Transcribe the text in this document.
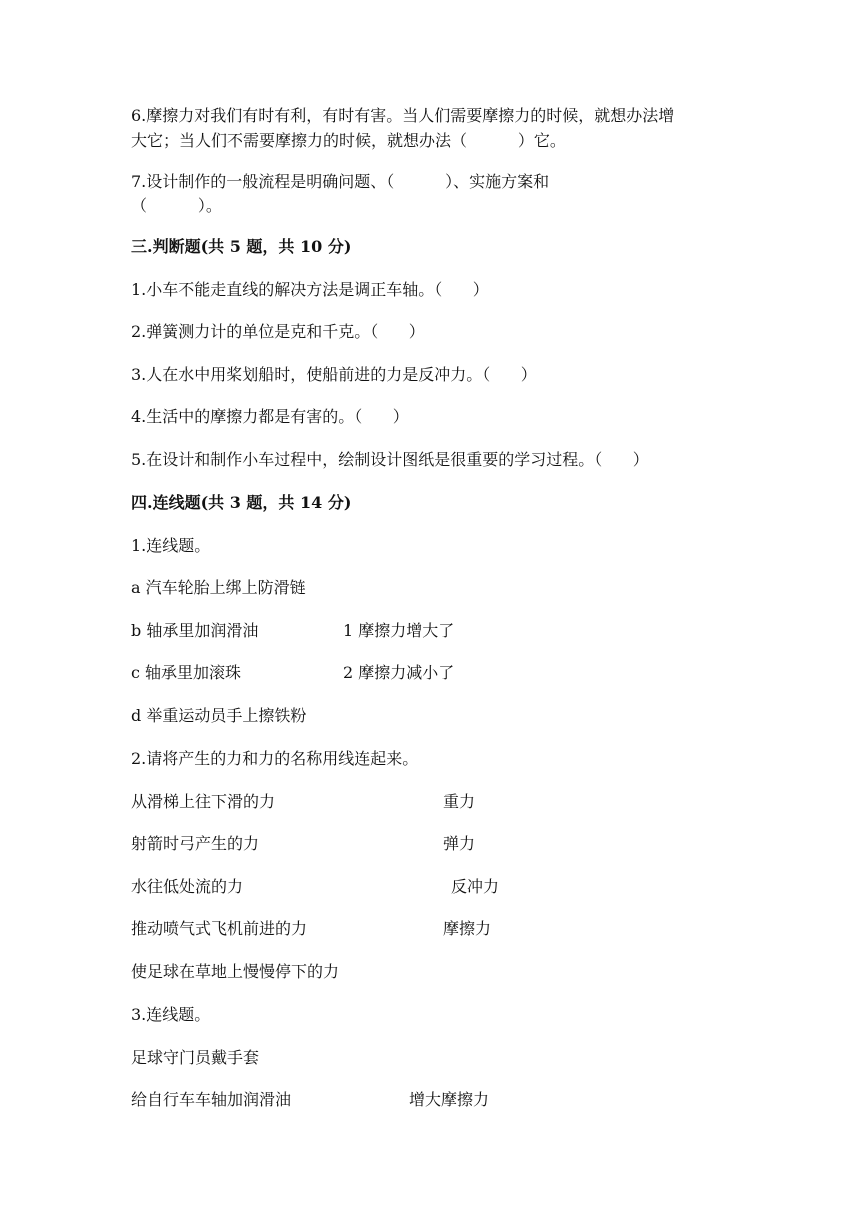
6.摩擦力对我们有时有利，有时有害。当人们需要摩擦力的时候，就想办法增
大它；当人们不需要摩擦力的时候，就想办法（          ）它。
7.设计制作的一般流程是明确问题、（          ）、实施方案和
（          ）。
三.判断题(共 5 题，共 10 分)
1.小车不能走直线的解决方法是调正车轴。（      ）
2.弹簧测力计的单位是克和千克。（      ）
3.人在水中用桨划船时，使船前进的力是反冲力。（      ）
4.生活中的摩擦力都是有害的。（      ）
5.在设计和制作小车过程中，绘制设计图纸是很重要的学习过程。（      ）
四.连线题(共 3 题，共 14 分)
1.连线题。
a 汽车轮胎上绑上防滑链
b 轴承里加润滑油	1 摩擦力增大了
c 轴承里加滚珠	2 摩擦力减小了
d 举重运动员手上擦铁粉
2.请将产生的力和力的名称用线连起来。
从滑梯上往下滑的力	重力
射箭时弓产生的力	弹力
水往低处流的力	反冲力
推动喷气式飞机前进的力	摩擦力
使足球在草地上慢慢停下的力
3.连线题。
足球守门员戴手套
给自行车车轴加润滑油	增大摩擦力
